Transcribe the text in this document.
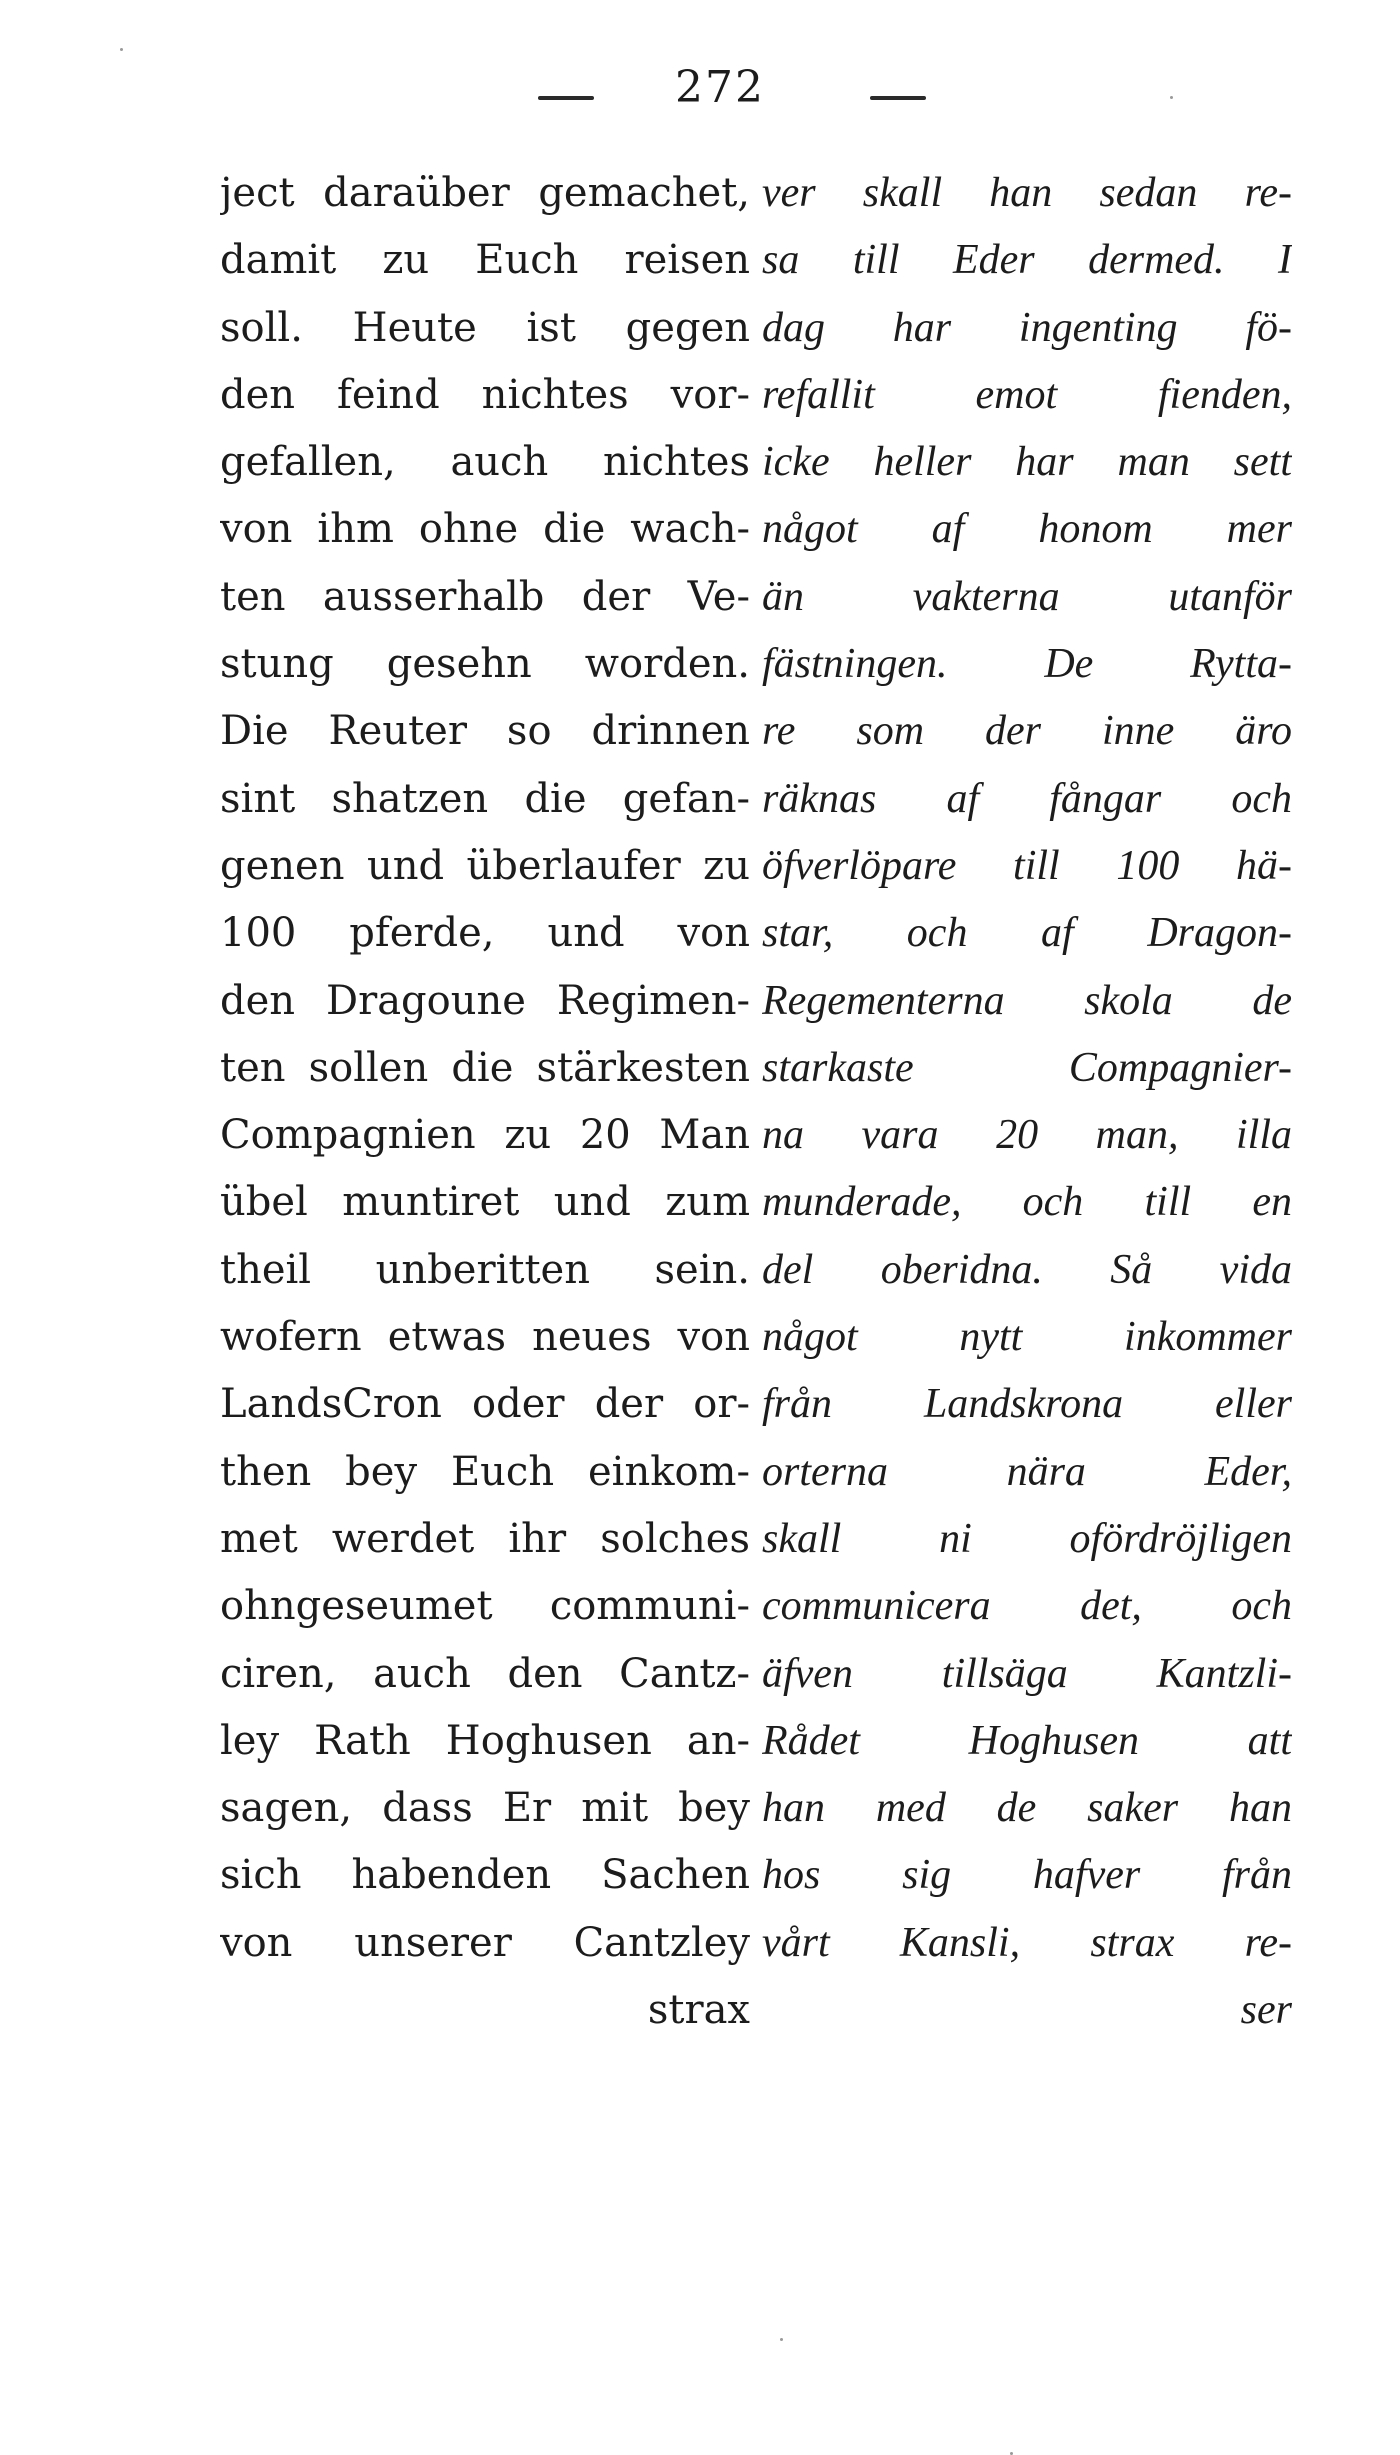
272
ject daraüber gemachet,
damit zu Euch reisen
soll. Heute ist gegen
den feind nichtes vor-
gefallen, auch nichtes
von ihm ohne die wach-
ten ausserhalb der Ve-
stung gesehn worden.
Die Reuter so drinnen
sint shatzen die gefan-
genen und überlaufer zu
100 pferde, und von
den Dragoune Regimen-
ten sollen die stärkesten
Compagnien zu 20 Man
übel muntiret und zum
theil unberitten sein.
wofern etwas neues von
LandsCron oder der or-
then bey Euch einkom-
met werdet ihr solches
ohngeseumet communi-
ciren, auch den Cantz-
ley Rath Hoghusen an-
sagen, dass Er mit bey
sich habenden Sachen
von unserer Cantzley
strax
ver skall han sedan re-
sa till Eder dermed. I
dag har ingenting fö-
refallit emot fienden,
icke heller har man sett
något af honom mer
än vakterna utanför
fästningen. De Rytta-
re som der inne äro
räknas af fångar och
öfverlöpare till 100 hä-
star, och af Dragon-
Regementerna skola de
starkaste Compagnier-
na vara 20 man, illa
munderade, och till en
del oberidna. Så vida
något nytt inkommer
från Landskrona eller
orterna nära Eder,
skall ni ofördröjligen
communicera det, och
äfven tillsäga Kantzli-
Rådet Hoghusen att
han med de saker han
hos sig hafver från
vårt Kansli, strax re-
ser
